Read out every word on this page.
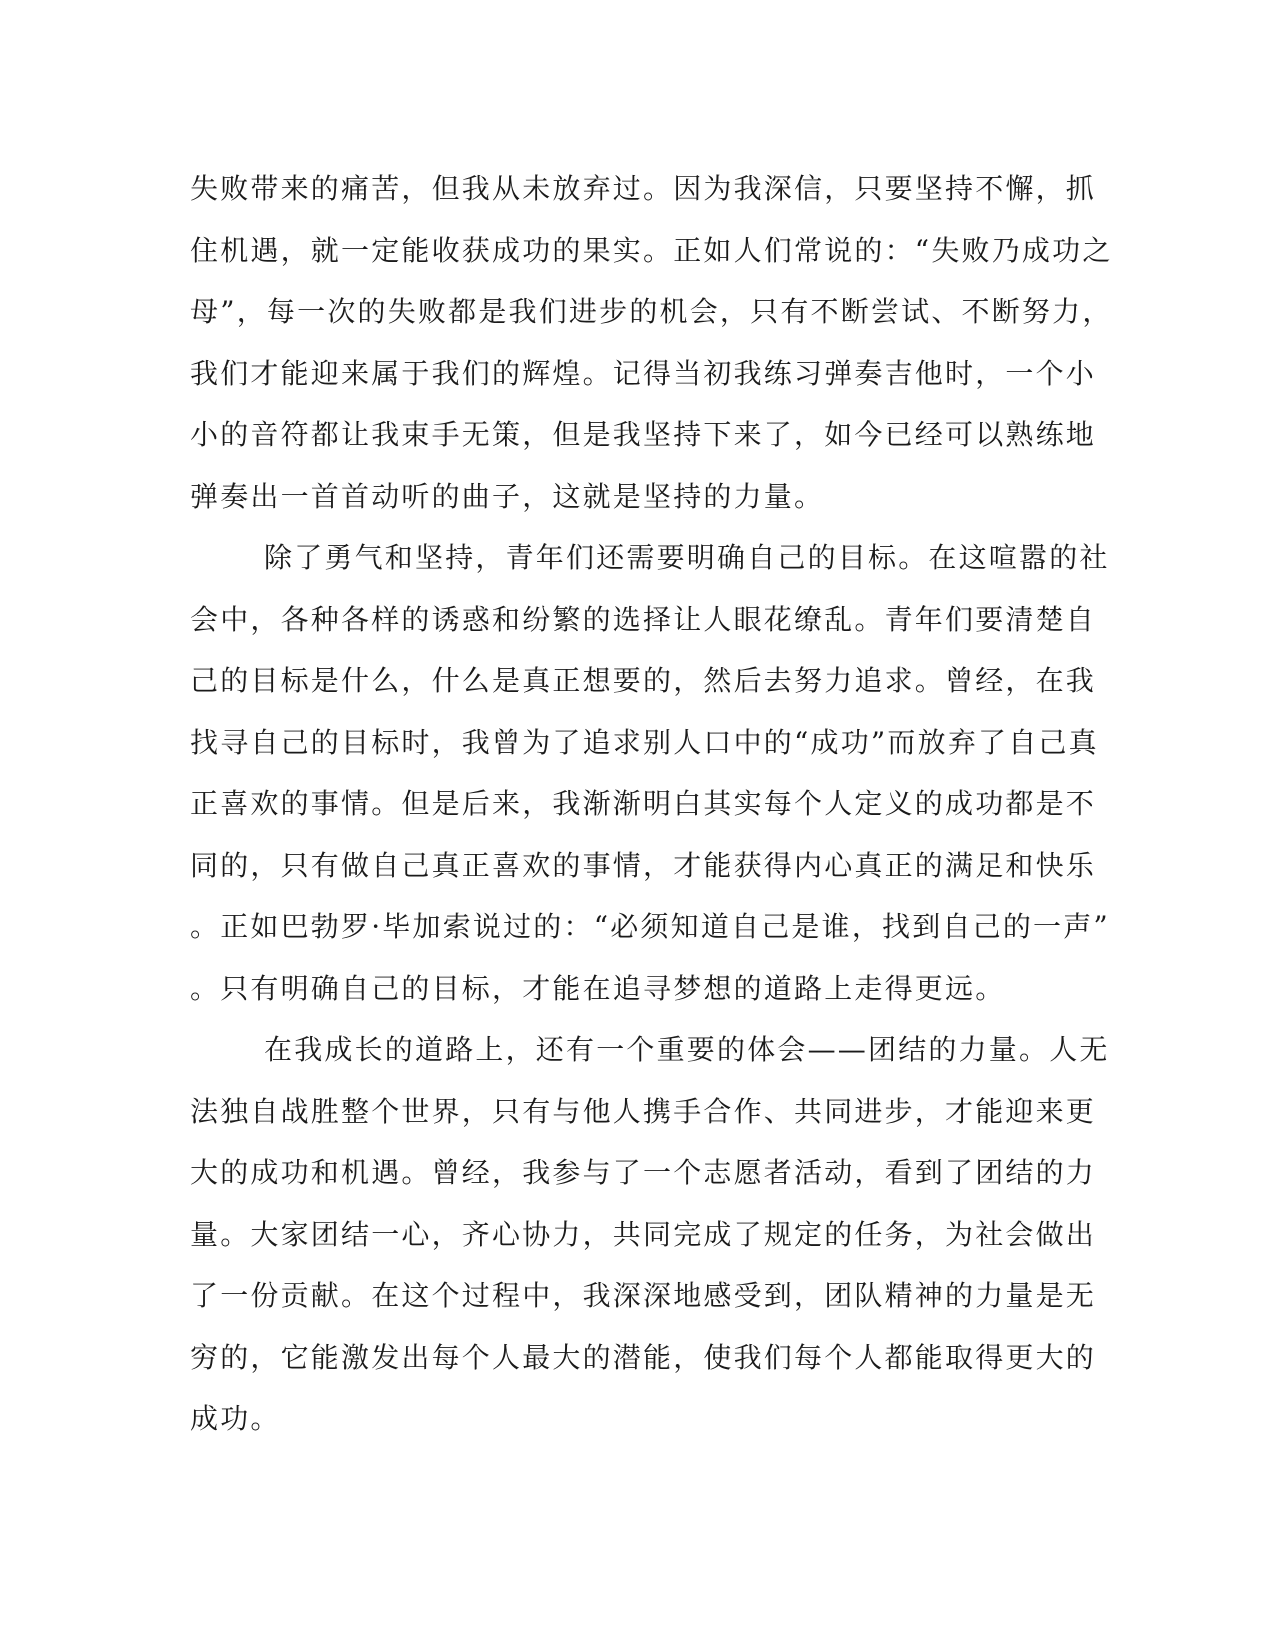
失败带来的痛苦，但我从未放弃过。因为我深信，只要坚持不懈，抓
住机遇，就一定能收获成功的果实。正如人们常说的：“失败乃成功之
母”，每一次的失败都是我们进步的机会，只有不断尝试、不断努力，
我们才能迎来属于我们的辉煌。记得当初我练习弹奏吉他时，一个小
小的音符都让我束手无策，但是我坚持下来了，如今已经可以熟练地
弹奏出一首首动听的曲子，这就是坚持的力量。
除了勇气和坚持，青年们还需要明确自己的目标。在这喧嚣的社
会中，各种各样的诱惑和纷繁的选择让人眼花缭乱。青年们要清楚自
己的目标是什么，什么是真正想要的，然后去努力追求。曾经，在我
找寻自己的目标时，我曾为了追求别人口中的“成功”而放弃了自己真
正喜欢的事情。但是后来，我渐渐明白其实每个人定义的成功都是不
同的，只有做自己真正喜欢的事情，才能获得内心真正的满足和快乐
。正如巴勃罗·毕加索说过的：“必须知道自己是谁，找到自己的一声”
。只有明确自己的目标，才能在追寻梦想的道路上走得更远。
在我成长的道路上，还有一个重要的体会——团结的力量。人无
法独自战胜整个世界，只有与他人携手合作、共同进步，才能迎来更
大的成功和机遇。曾经，我参与了一个志愿者活动，看到了团结的力
量。大家团结一心，齐心协力，共同完成了规定的任务，为社会做出
了一份贡献。在这个过程中，我深深地感受到，团队精神的力量是无
穷的，它能激发出每个人最大的潜能，使我们每个人都能取得更大的
成功。
